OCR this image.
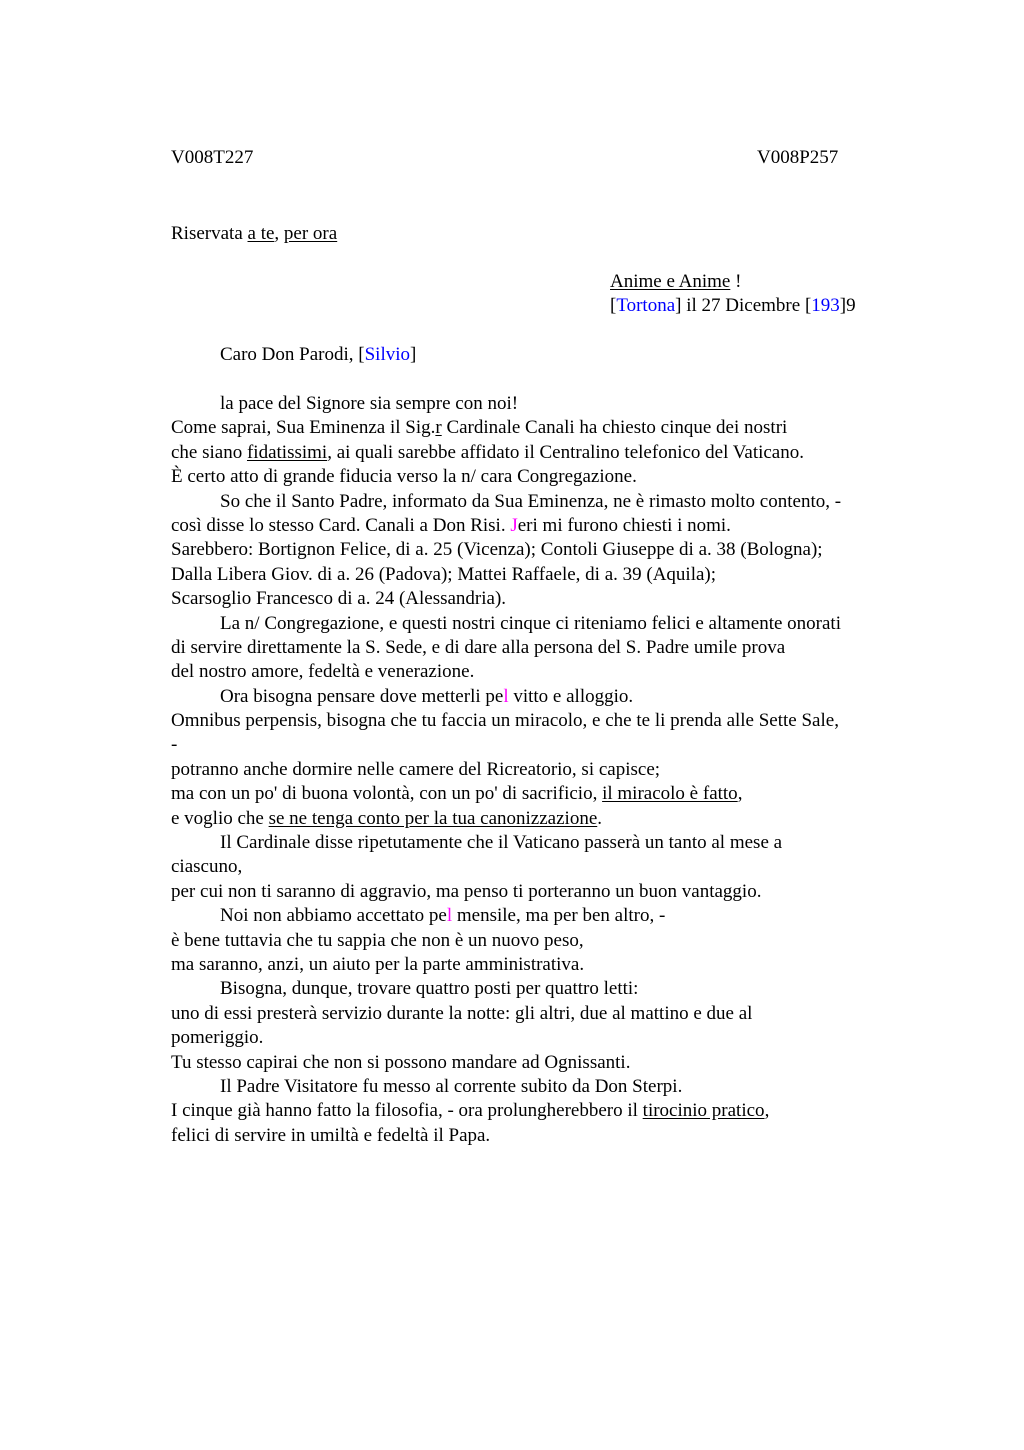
V008T227	V008P257
Riservata a te, per ora
Anime e Anime !
[Tortona] il 27 Dicembre [193]9
Caro Don Parodi, [Silvio]
la pace del Signore sia sempre con noi!
Come saprai, Sua Eminenza il Sig.r Cardinale Canali ha chiesto cinque dei nostri
che siano fidatissimi, ai quali sarebbe affidato il Centralino telefonico del Vaticano.
È certo atto di grande fiducia verso la n/ cara Congregazione.
So che il Santo Padre, informato da Sua Eminenza, ne è rimasto molto contento, -
così disse lo stesso Card. Canali a Don Risi. Jeri mi furono chiesti i nomi.
Sarebbero: Bortignon Felice, di a. 25 (Vicenza); Contoli Giuseppe di a. 38 (Bologna);
Dalla Libera Giov. di a. 26 (Padova); Mattei Raffaele, di a. 39 (Aquila);
Scarsoglio Francesco di a. 24 (Alessandria).
La n/ Congregazione, e questi nostri cinque ci riteniamo felici e altamente onorati
di servire direttamente la S. Sede, e di dare alla persona del S. Padre umile prova
del nostro amore, fedeltà e venerazione.
Ora bisogna pensare dove metterli pel vitto e alloggio.
Omnibus perpensis, bisogna che tu faccia un miracolo, e che te li prenda alle Sette Sale,
-
potranno anche dormire nelle camere del Ricreatorio, si capisce;
ma con un po' di buona volontà, con un po' di sacrificio, il miracolo è fatto,
e voglio che se ne tenga conto per la tua canonizzazione.
Il Cardinale disse ripetutamente che il Vaticano passerà un tanto al mese a
ciascuno,
per cui non ti saranno di aggravio, ma penso ti porteranno un buon vantaggio.
Noi non abbiamo accettato pel mensile, ma per ben altro, -
è bene tuttavia che tu sappia che non è un nuovo peso,
ma saranno, anzi, un aiuto per la parte amministrativa.
Bisogna, dunque, trovare quattro posti per quattro letti:
uno di essi presterà servizio durante la notte: gli altri, due al mattino e due al
pomeriggio.
Tu stesso capirai che non si possono mandare ad Ognissanti.
Il Padre Visitatore fu messo al corrente subito da Don Sterpi.
I cinque già hanno fatto la filosofia, - ora prolungherebbero il tirocinio pratico,
felici di servire in umiltà e fedeltà il Papa.
